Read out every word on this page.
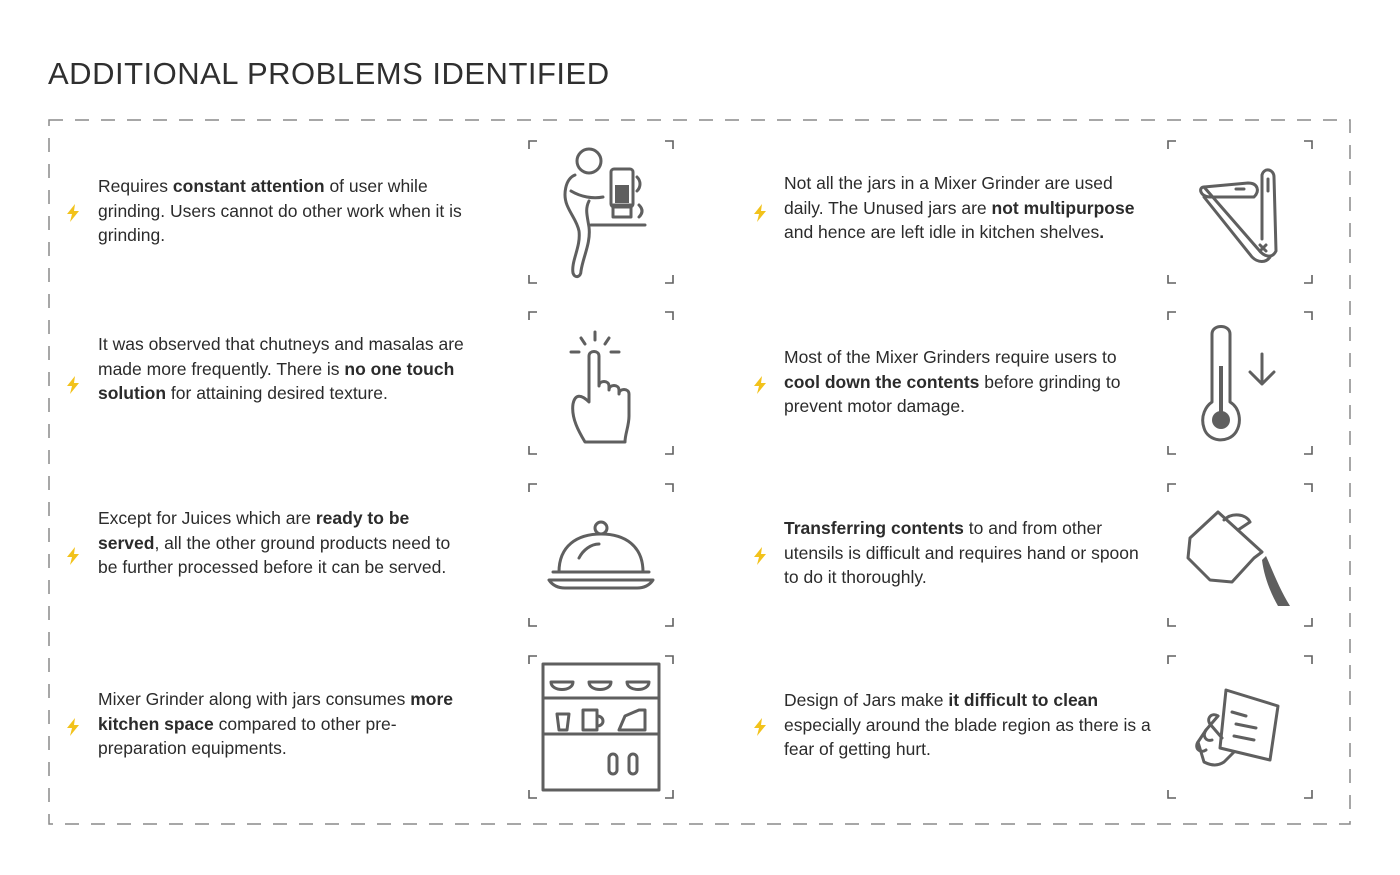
ADDITIONAL PROBLEMS IDENTIFIED
Requires constant attention of user while grinding. Users cannot do other work when it is grinding.
It was observed that chutneys and masalas are made more frequently. There is no one touch solution for attaining desired texture.
Except for Juices which are ready to be served, all the other ground products need to be further processed before it can be served.
Mixer Grinder along with jars consumes more kitchen space compared to other pre-preparation equipments.
Not all the jars in a Mixer Grinder are used daily. The Unused jars are not multipurpose and hence are left idle in kitchen shelves.
Most of the Mixer Grinders require users to cool down the contents before grinding to prevent motor damage.
Transferring contents to and from other utensils is difficult and requires hand or spoon to do it thoroughly.
Design of Jars make it difficult to clean especially around the blade region as there is a fear of getting hurt.
